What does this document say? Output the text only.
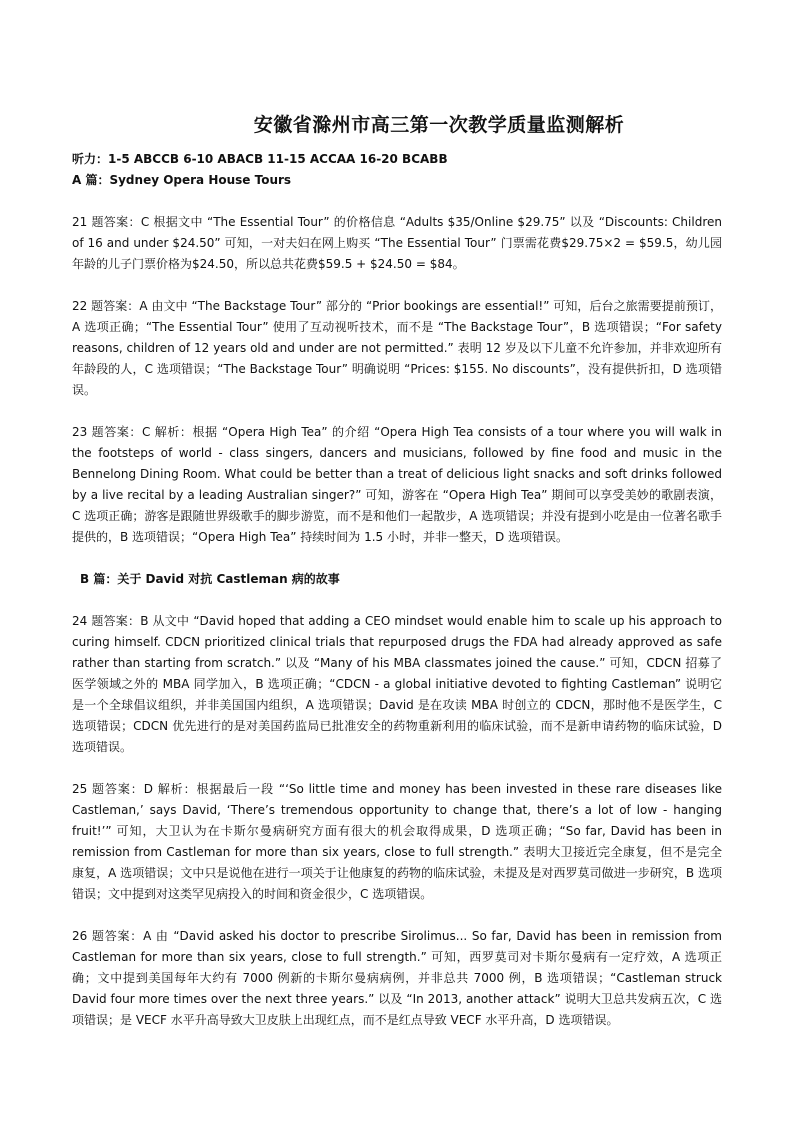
安徽省滁州市高三第一次教学质量监测解析

听力：1-5 ABCCB 6-10 ABACB 11-15 ACCAA 16-20 BCABB

A 篇：Sydney Opera House Tours

21 题答案：C 根据文中 “The Essential Tour” 的价格信息 “Adults $35/Online $29.75” 以及 “Discounts: Children of 16 and under $24.50” 可知，一对夫妇在网上购买 “The Essential Tour” 门票需花费$29.75×2 = $59.5，幼儿园年龄的儿子门票价格为$24.50，所以总共花费$59.5 + $24.50 = $84。

22 题答案：A 由文中 “The Backstage Tour” 部分的 “Prior bookings are essential!” 可知，后台之旅需要提前预订，A 选项正确；“The Essential Tour” 使用了互动视听技术，而不是 “The Backstage Tour”，B 选项错误；“For safety reasons, children of 12 years old and under are not permitted.” 表明 12 岁及以下儿童不允许参加，并非欢迎所有年龄段的人，C 选项错误；“The Backstage Tour” 明确说明 “Prices: $155. No discounts”，没有提供折扣，D 选项错误。

23 题答案：C 解析：根据 “Opera High Tea” 的介绍 “Opera High Tea consists of a tour where you will walk in the footsteps of world - class singers, dancers and musicians, followed by fine food and music in the Bennelong Dining Room. What could be better than a treat of delicious light snacks and soft drinks followed by a live recital by a leading Australian singer?” 可知，游客在 “Opera High Tea” 期间可以享受美妙的歌剧表演，C 选项正确；游客是跟随世界级歌手的脚步游览，而不是和他们一起散步，A 选项错误；并没有提到小吃是由一位著名歌手提供的，B 选项错误；“Opera High Tea” 持续时间为 1.5 小时，并非一整天，D 选项错误。

B 篇：关于 David 对抗 Castleman 病的故事

24 题答案：B 从文中 “David hoped that adding a CEO mindset would enable him to scale up his approach to curing himself. CDCN prioritized clinical trials that repurposed drugs the FDA had already approved as safe rather than starting from scratch.” 以及 “Many of his MBA classmates joined the cause.” 可知，CDCN 招募了医学领域之外的 MBA 同学加入，B 选项正确；“CDCN - a global initiative devoted to fighting Castleman” 说明它是一个全球倡议组织，并非美国国内组织，A 选项错误；David 是在攻读 MBA 时创立的 CDCN，那时他不是医学生，C 选项错误；CDCN 优先进行的是对美国药监局已批准安全的药物重新利用的临床试验，而不是新申请药物的临床试验，D 选项错误。

25 题答案：D 解析：根据最后一段 “‘So little time and money has been invested in these rare diseases like Castleman,’ says David, ‘There’s tremendous opportunity to change that, there’s a lot of low - hanging fruit!’” 可知，大卫认为在卡斯尔曼病研究方面有很大的机会取得成果，D 选项正确；“So far, David has been in remission from Castleman for more than six years, close to full strength.” 表明大卫接近完全康复，但不是完全康复，A 选项错误；文中只是说他在进行一项关于让他康复的药物的临床试验，未提及是对西罗莫司做进一步研究，B 选项错误；文中提到对这类罕见病投入的时间和资金很少，C 选项错误。

26 题答案：A 由 “David asked his doctor to prescribe Sirolimus... So far, David has been in remission from Castleman for more than six years, close to full strength.” 可知，西罗莫司对卡斯尔曼病有一定疗效，A 选项正确；文中提到美国每年大约有 7000 例新的卡斯尔曼病病例，并非总共 7000 例，B 选项错误；“Castleman struck David four more times over the next three years.” 以及 “In 2013, another attack” 说明大卫总共发病五次，C 选项错误；是 VECF 水平升高导致大卫皮肤上出现红点，而不是红点导致 VECF 水平升高，D 选项错误。
